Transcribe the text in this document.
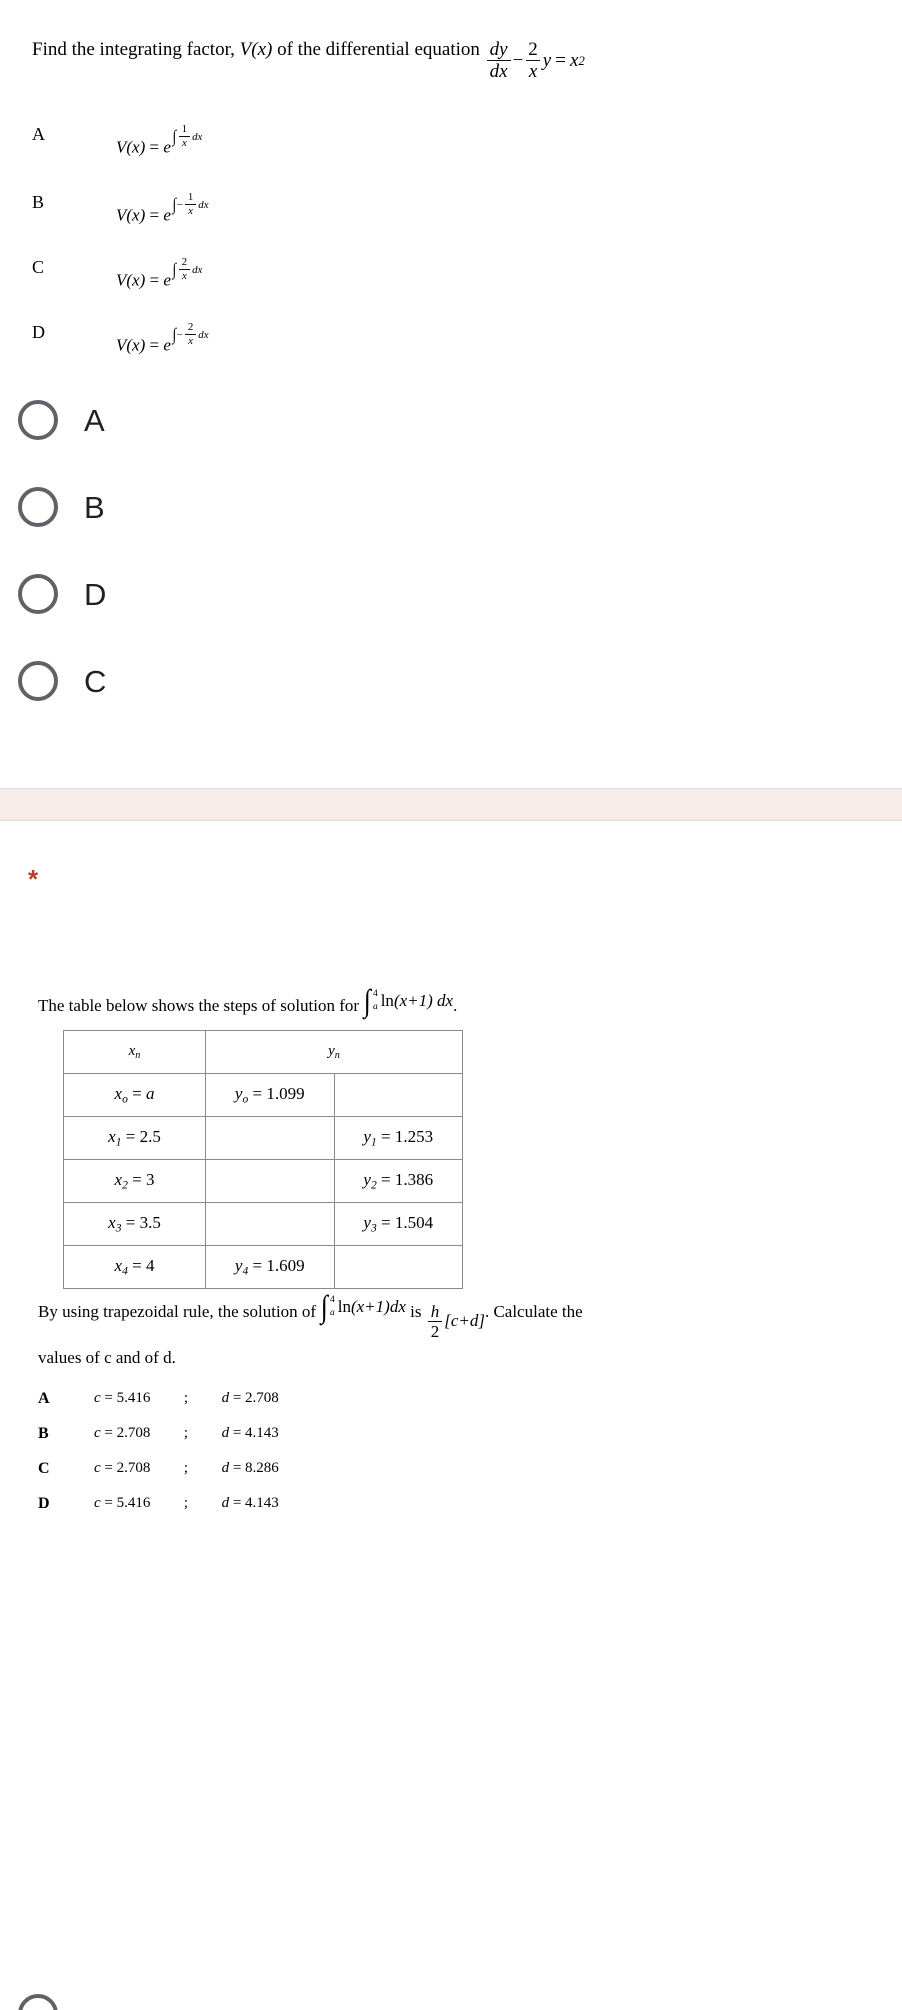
Find the integrating factor, V(x) of the differential equation $\frac{dy}{dx} - \frac{2}{x}$ y = x 2
A
V(x) = e
∫ $\frac{1}{x}$ dx
B
V(x) = e
∫ − $\frac{1}{x}$ dx
C
V(x) = e
∫ $\frac{2}{x}$ dx
D
V(x) = e
∫ − $\frac{2}{x}$ dx
A
B
D
C
*
The table below shows the steps of solution for ∫ 4
a ln (x+1)
dx .
$x_n$	$y_n$
$x_o = a$	$y_o = 1.099$	
$x_1 = 2.5$		$y_1 = 1.253$
$x_2 = 3$		$y_2 = 1.386$
$x_3 = 3.5$		$y_3 = 1.504$
$x_4 = 4$	$y_4 = 1.609$	
By using trapezoidal rule, the solution of ∫ 4
a ln (x+1) dx is $\frac{h}{2} [c+d]$ . Calculate the
values of c and of d.
A	c = 5.416 ; d = 2.708
B	c = 2.708 ; d = 4.143
C	c = 2.708 ; d = 8.286
D	c = 5.416 ; d = 4.143
